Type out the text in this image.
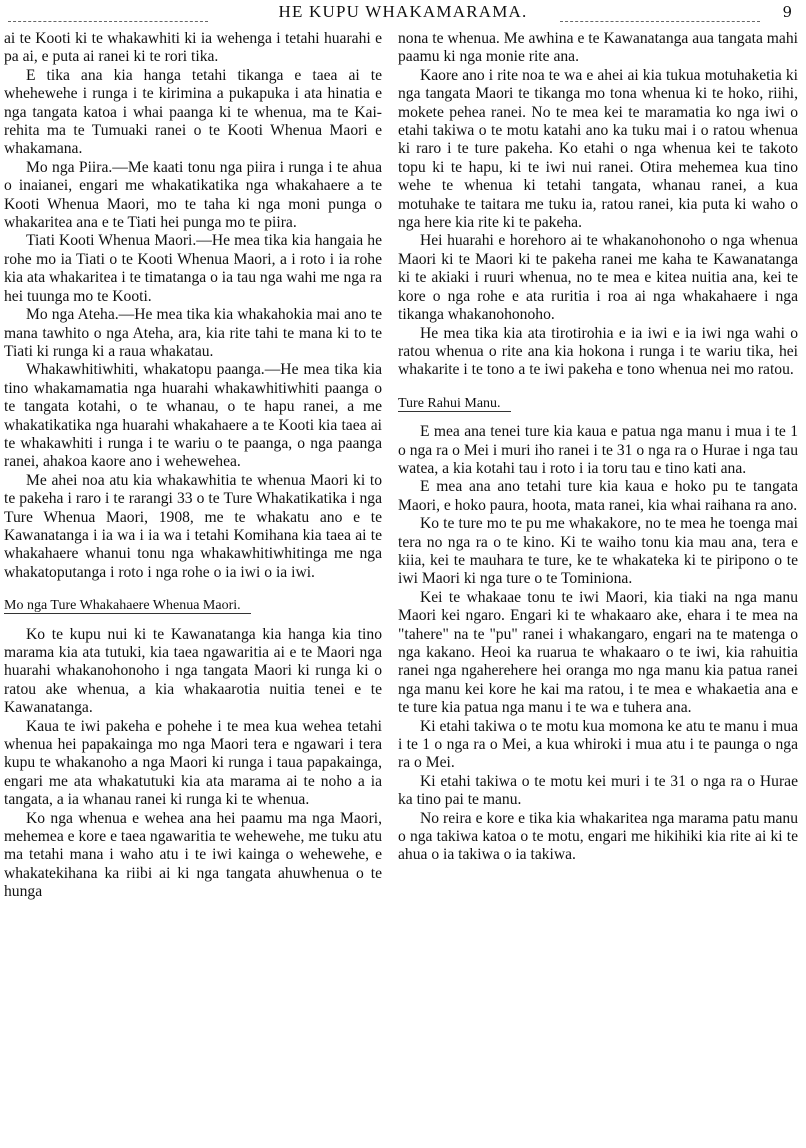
HE KUPU WHAKAMARAMA.	9

ai te Kooti ki te whakawhiti ki ia wehenga i tetahi huarahi e pa ai, e puta ai ranei ki te rori tika.

E tika ana kia hanga tetahi tikanga e taea ai te whehewehe i runga i te kirimina a pukapuka i ata hinatia e nga tangata katoa i whai paanga ki te whenua, ma te Kai-rehita ma te Tumuaki ranei o te Kooti Whenua Maori e whakamana.

Mo nga Piira.—Me kaati tonu nga piira i runga i te ahua o inaianei, engari me whakatikatika nga whakahaere a te Kooti Whenua Maori, mo te taha ki nga moni punga o whakaritea ana e te Tiati hei punga mo te piira.

Tiati Kooti Whenua Maori.—He mea tika kia hangaia he rohe mo ia Tiati o te Kooti Whenua Maori, a i roto i ia rohe kia ata whakaritea i te timatanga o ia tau nga wahi me nga ra hei tuunga mo te Kooti.

Mo nga Ateha.—He mea tika kia whakahokia mai ano te mana tawhito o nga Ateha, ara, kia rite tahi te mana ki to te Tiati ki runga ki a raua whakatau.

Whakawhitiwhiti, whakatopu paanga.—He mea tika kia tino whakamamatia nga huarahi whakawhitiwhiti paanga o te tangata kotahi, o te whanau, o te hapu ranei, a me whakatikatika nga huarahi whakahaere a te Kooti kia taea ai te whakawhiti i runga i te wariu o te paanga, o nga paanga ranei, ahakoa kaore ano i wehewehea.

Me ahei noa atu kia whakawhitia te whenua Maori ki to te pakeha i raro i te rarangi 33 o te Ture Whakatikatika i nga Ture Whenua Maori, 1908, me te whakatu ano e te Kawanatanga i ia wa i ia wa i tetahi Komihana kia taea ai te whakahaere whanui tonu nga whakawhitiwhitinga me nga whakatoputanga i roto i nga rohe o ia iwi o ia iwi.

Mo nga Ture Whakahaere Whenua Maori.

Ko te kupu nui ki te Kawanatanga kia hanga kia tino marama kia ata tutuki, kia taea ngawaritia ai e te Maori nga huarahi whakanohonoho i nga tangata Maori ki runga ki o ratou ake whenua, a kia whakaarotia nuitia tenei e te Kawanatanga.

Kaua te iwi pakeha e pohehe i te mea kua wehea tetahi whenua hei papakainga mo nga Maori tera e ngawari i tera kupu te whakanoho a nga Maori ki runga i taua papakainga, engari me ata whakatutuki kia ata marama ai te noho a ia tangata, a ia whanau ranei ki runga ki te whenua.

Ko nga whenua e wehea ana hei paamu ma nga Maori, mehemea e kore e taea ngawaritia te wehewehe, me tuku atu ma tetahi mana i waho atu i te iwi kainga o wehewehe, e whakatekihana ka riibi ai ki nga tangata ahuwhenua o te hunga

nona te whenua. Me awhina e te Kawanatanga aua tangata mahi paamu ki nga monie rite ana.

Kaore ano i rite noa te wa e ahei ai kia tukua motuhaketia ki nga tangata Maori te tikanga mo tona whenua ki te hoko, riihi, mokete pehea ranei. No te mea kei te maramatia ko nga iwi o etahi takiwa o te motu katahi ano ka tuku mai i o ratou whenua ki raro i te ture pakeha. Ko etahi o nga whenua kei te takoto topu ki te hapu, ki te iwi nui ranei. Otira mehemea kua tino wehe te whenua ki tetahi tangata, whanau ranei, a kua motuhake te taitara me tuku ia, ratou ranei, kia puta ki waho o nga here kia rite ki te pakeha.

Hei huarahi e horehoro ai te whakanohonoho o nga whenua Maori ki te Maori ki te pakeha ranei me kaha te Kawanatanga ki te akiaki i ruuri whenua, no te mea e kitea nuitia ana, kei te kore o nga rohe e ata ruritia i roa ai nga whakahaere i nga tikanga whakanohonoho.

He mea tika kia ata tirotirohia e ia iwi e ia iwi nga wahi o ratou whenua o rite ana kia hokona i runga i te wariu tika, hei whakarite i te tono a te iwi pakeha e tono whenua nei mo ratou.

Ture Rahui Manu.

E mea ana tenei ture kia kaua e patua nga manu i mua i te 1 o nga ra o Mei i muri iho ranei i te 31 o nga ra o Hurae i nga tau watea, a kia kotahi tau i roto i ia toru tau e tino kati ana.

E mea ana ano tetahi ture kia kaua e hoko pu te tangata Maori, e hoko paura, hoota, mata ranei, kia whai raihana ra ano.

Ko te ture mo te pu me whakakore, no te mea he toenga mai tera no nga ra o te kino. Ki te waiho tonu kia mau ana, tera e kiia, kei te mauhara te ture, ke te whakateka ki te piripono o te iwi Maori ki nga ture o te Tominiona.

Kei te whakaae tonu te iwi Maori, kia tiaki na nga manu Maori kei ngaro. Engari ki te whakaaro ake, ehara i te mea na "tahere" na te "pu" ranei i whakangaro, engari na te matenga o nga kakano. Heoi ka ruarua te whakaaro o te iwi, kia rahuitia ranei nga ngaherehere hei oranga mo nga manu kia patua ranei nga manu kei kore he kai ma ratou, i te mea e whakaetia ana e te ture kia patua nga manu i te wa e tuhera ana.

Ki etahi takiwa o te motu kua momona ke atu te manu i mua i te 1 o nga ra o Mei, a kua whiroki i mua atu i te paunga o nga ra o Mei.

Ki etahi takiwa o te motu kei muri i te 31 o nga ra o Hurae ka tino pai te manu.

No reira e kore e tika kia whakaritea nga marama patu manu o nga takiwa katoa o te motu, engari me hikihiki kia rite ai ki te ahua o ia takiwa o ia takiwa.
